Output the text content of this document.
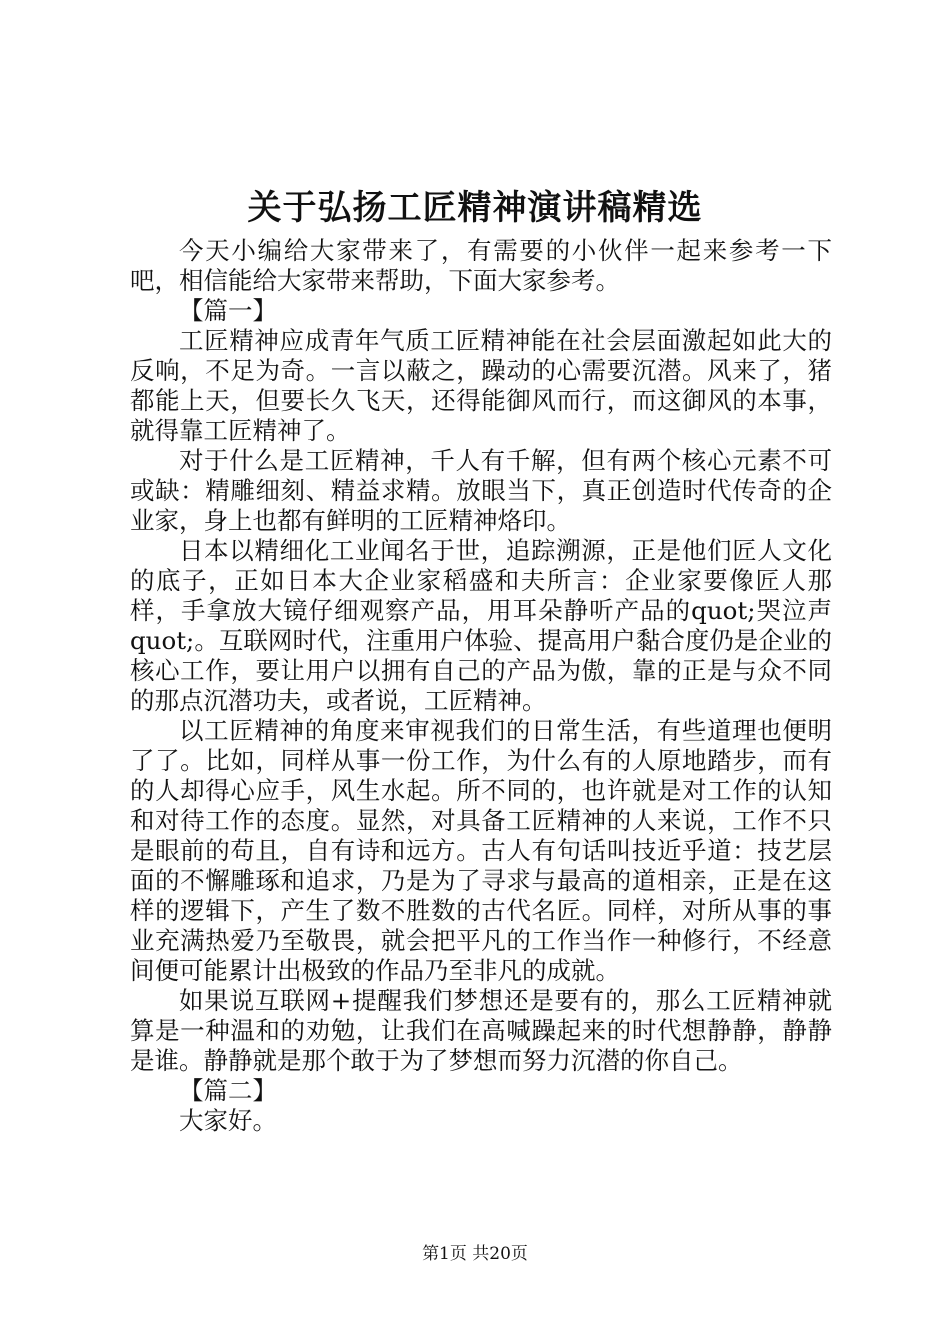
关于弘扬工匠精神演讲稿精选

今天小编给大家带来了，有需要的小伙伴一起来参考一下吧，相信能给大家带来帮助，下面大家参考。

【篇一】

工匠精神应成青年气质工匠精神能在社会层面激起如此大的反响，不足为奇。一言以蔽之，躁动的心需要沉潜。风来了，猪都能上天，但要长久飞天，还得能御风而行，而这御风的本事，就得靠工匠精神了。

对于什么是工匠精神，千人有千解，但有两个核心元素不可或缺：精雕细刻、精益求精。放眼当下，真正创造时代传奇的企业家，身上也都有鲜明的工匠精神烙印。

日本以精细化工业闻名于世，追踪溯源，正是他们匠人文化的底子，正如日本大企业家稻盛和夫所言：企业家要像匠人那样，手拿放大镜仔细观察产品，用耳朵静听产品的quot;哭泣声quot;。互联网时代，注重用户体验、提高用户黏合度仍是企业的核心工作，要让用户以拥有自己的产品为傲，靠的正是与众不同的那点沉潜功夫，或者说，工匠精神。

以工匠精神的角度来审视我们的日常生活，有些道理也便明了了。比如，同样从事一份工作，为什么有的人原地踏步，而有的人却得心应手，风生水起。所不同的，也许就是对工作的认知和对待工作的态度。显然，对具备工匠精神的人来说，工作不只是眼前的苟且，自有诗和远方。古人有句话叫技近乎道：技艺层面的不懈雕琢和追求，乃是为了寻求与最高的道相亲，正是在这样的逻辑下，产生了数不胜数的古代名匠。同样，对所从事的事业充满热爱乃至敬畏，就会把平凡的工作当作一种修行，不经意间便可能累计出极致的作品乃至非凡的成就。

如果说互联网+提醒我们梦想还是要有的，那么工匠精神就算是一种温和的劝勉，让我们在高喊躁起来的时代想静静，静静是谁。静静就是那个敢于为了梦想而努力沉潜的你自己。

【篇二】

大家好。

第1页 共20页
